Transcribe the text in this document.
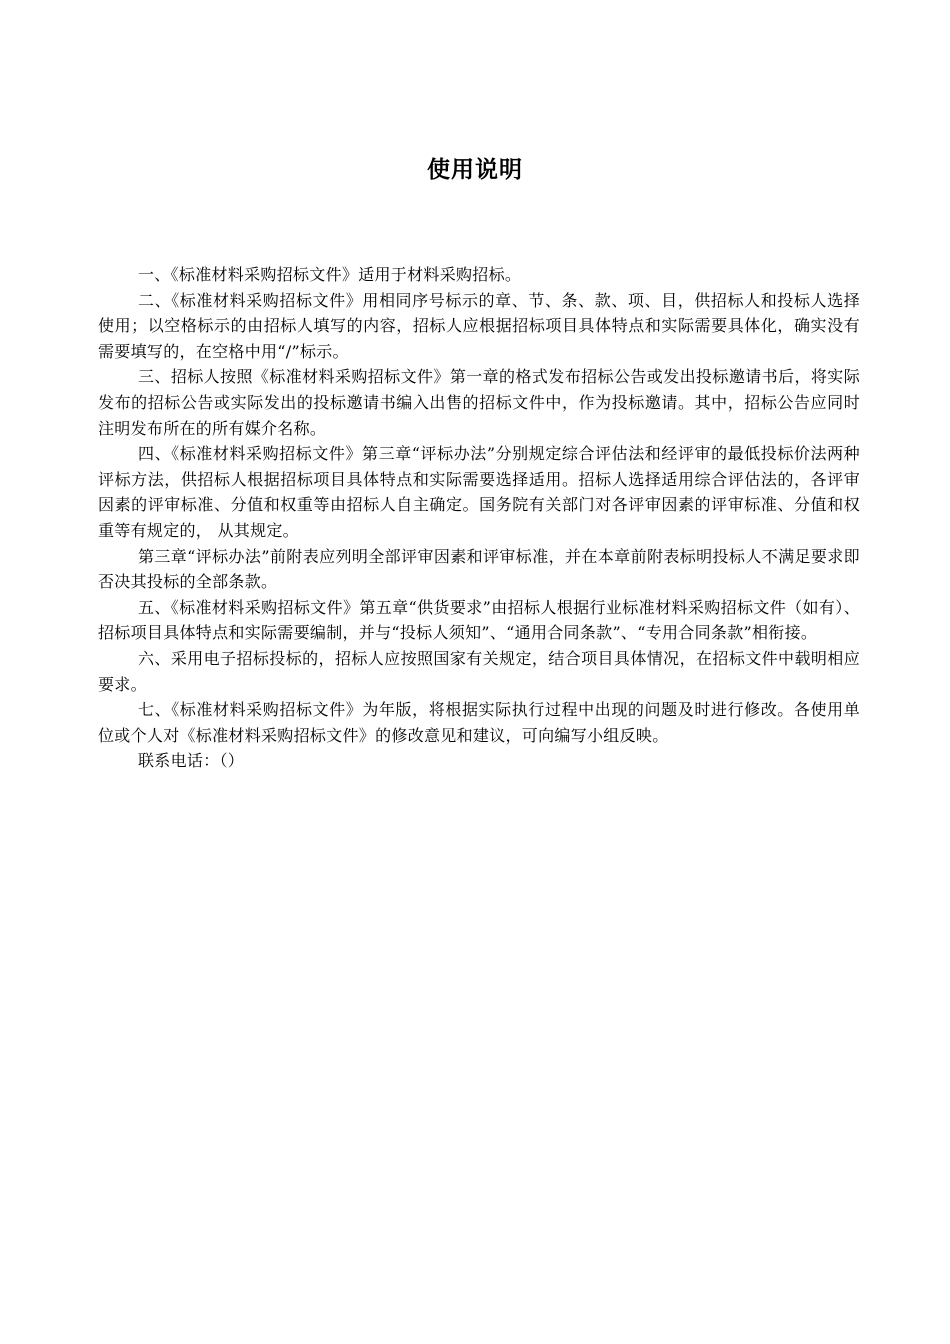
使用说明

一、《标准材料采购招标文件》适用于材料采购招标。

二、《标准材料采购招标文件》用相同序号标示的章、节、条、款、项、目，供招标人和投标人选择使用；以空格标示的由招标人填写的内容，招标人应根据招标项目具体特点和实际需要具体化，确实没有需要填写的，在空格中用“/”标示。

三、招标人按照《标准材料采购招标文件》第一章的格式发布招标公告或发出投标邀请书后，将实际发布的招标公告或实际发出的投标邀请书编入出售的招标文件中，作为投标邀请。其中，招标公告应同时注明发布所在的所有媒介名称。

四、《标准材料采购招标文件》第三章“评标办法”分别规定综合评估法和经评审的最低投标价法两种评标方法，供招标人根据招标项目具体特点和实际需要选择适用。招标人选择适用综合评估法的，各评审因素的评审标准、分值和权重等由招标人自主确定。国务院有关部门对各评审因素的评审标准、分值和权重等有规定的， 从其规定。

第三章“评标办法”前附表应列明全部评审因素和评审标准，并在本章前附表标明投标人不满足要求即否决其投标的全部条款。

五、《标准材料采购招标文件》第五章“供货要求”由招标人根据行业标准材料采购招标文件（如有）、招标项目具体特点和实际需要编制，并与“投标人须知”、“通用合同条款”、“专用合同条款”相衔接。

六、采用电子招标投标的，招标人应按照国家有关规定，结合项目具体情况，在招标文件中载明相应要求。

七、《标准材料采购招标文件》为年版，将根据实际执行过程中出现的问题及时进行修改。各使用单位或个人对《标准材料采购招标文件》的修改意见和建议，可向编写小组反映。

联系电话：（）
